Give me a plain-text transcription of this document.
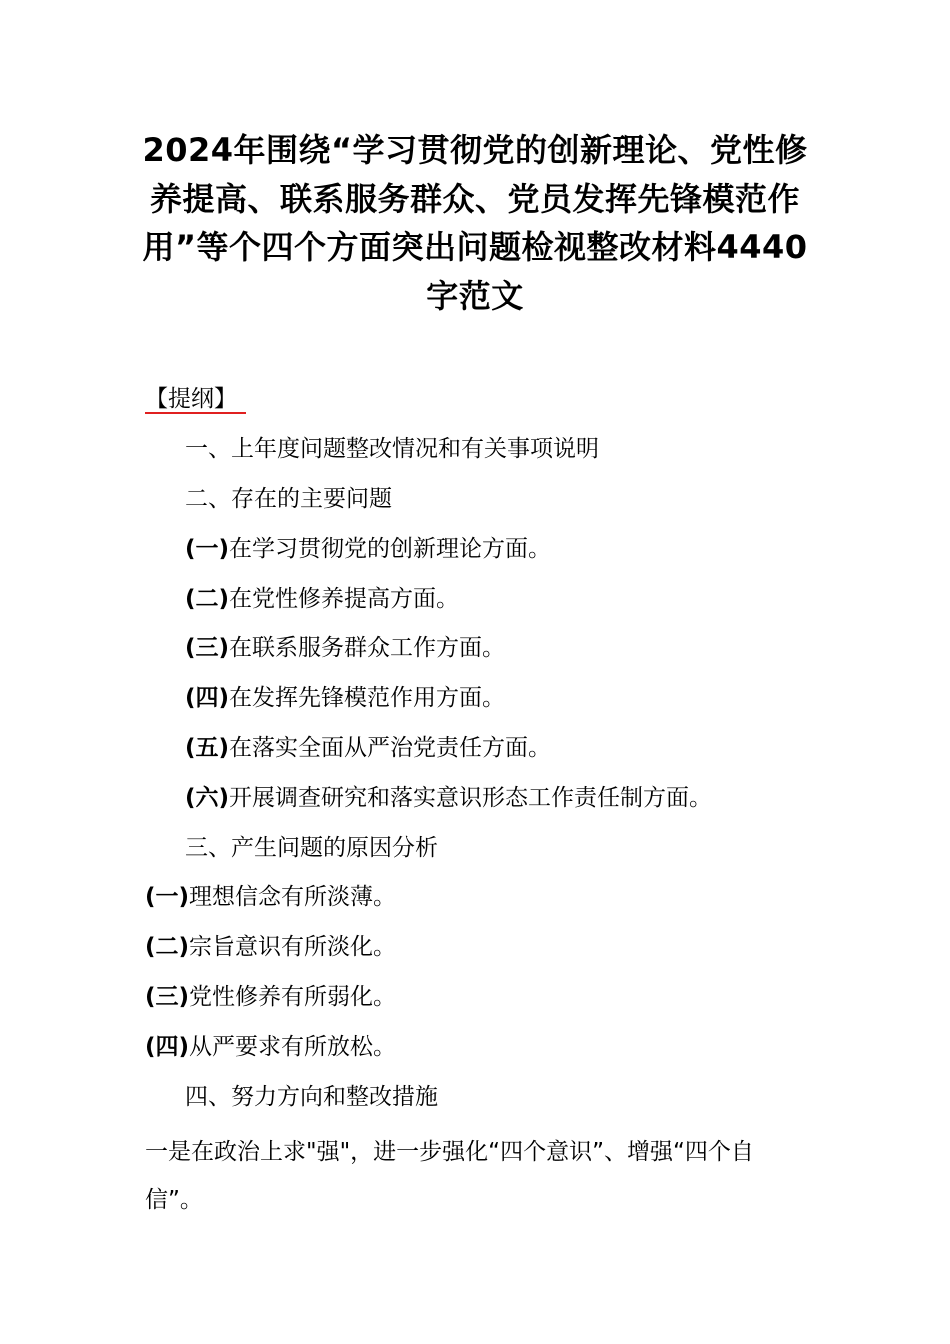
2024年围绕“学习贯彻党的创新理论、党性修养提高、联系服务群众、党员发挥先锋模范作用”等个四个方面突出问题检视整改材料4440字范文
【提纲】
一、上年度问题整改情况和有关事项说明
二、存在的主要问题
(一)在学习贯彻党的创新理论方面。
(二)在党性修养提高方面。
(三)在联系服务群众工作方面。
(四)在发挥先锋模范作用方面。
(五)在落实全面从严治党责任方面。
(六)开展调查研究和落实意识形态工作责任制方面。
三、产生问题的原因分析
(一)理想信念有所淡薄。
(二)宗旨意识有所淡化。
(三)党性修养有所弱化。
(四)从严要求有所放松。
四、努力方向和整改措施
一是在政治上求"强"，进一步强化“四个意识”、增强“四个自信”。
